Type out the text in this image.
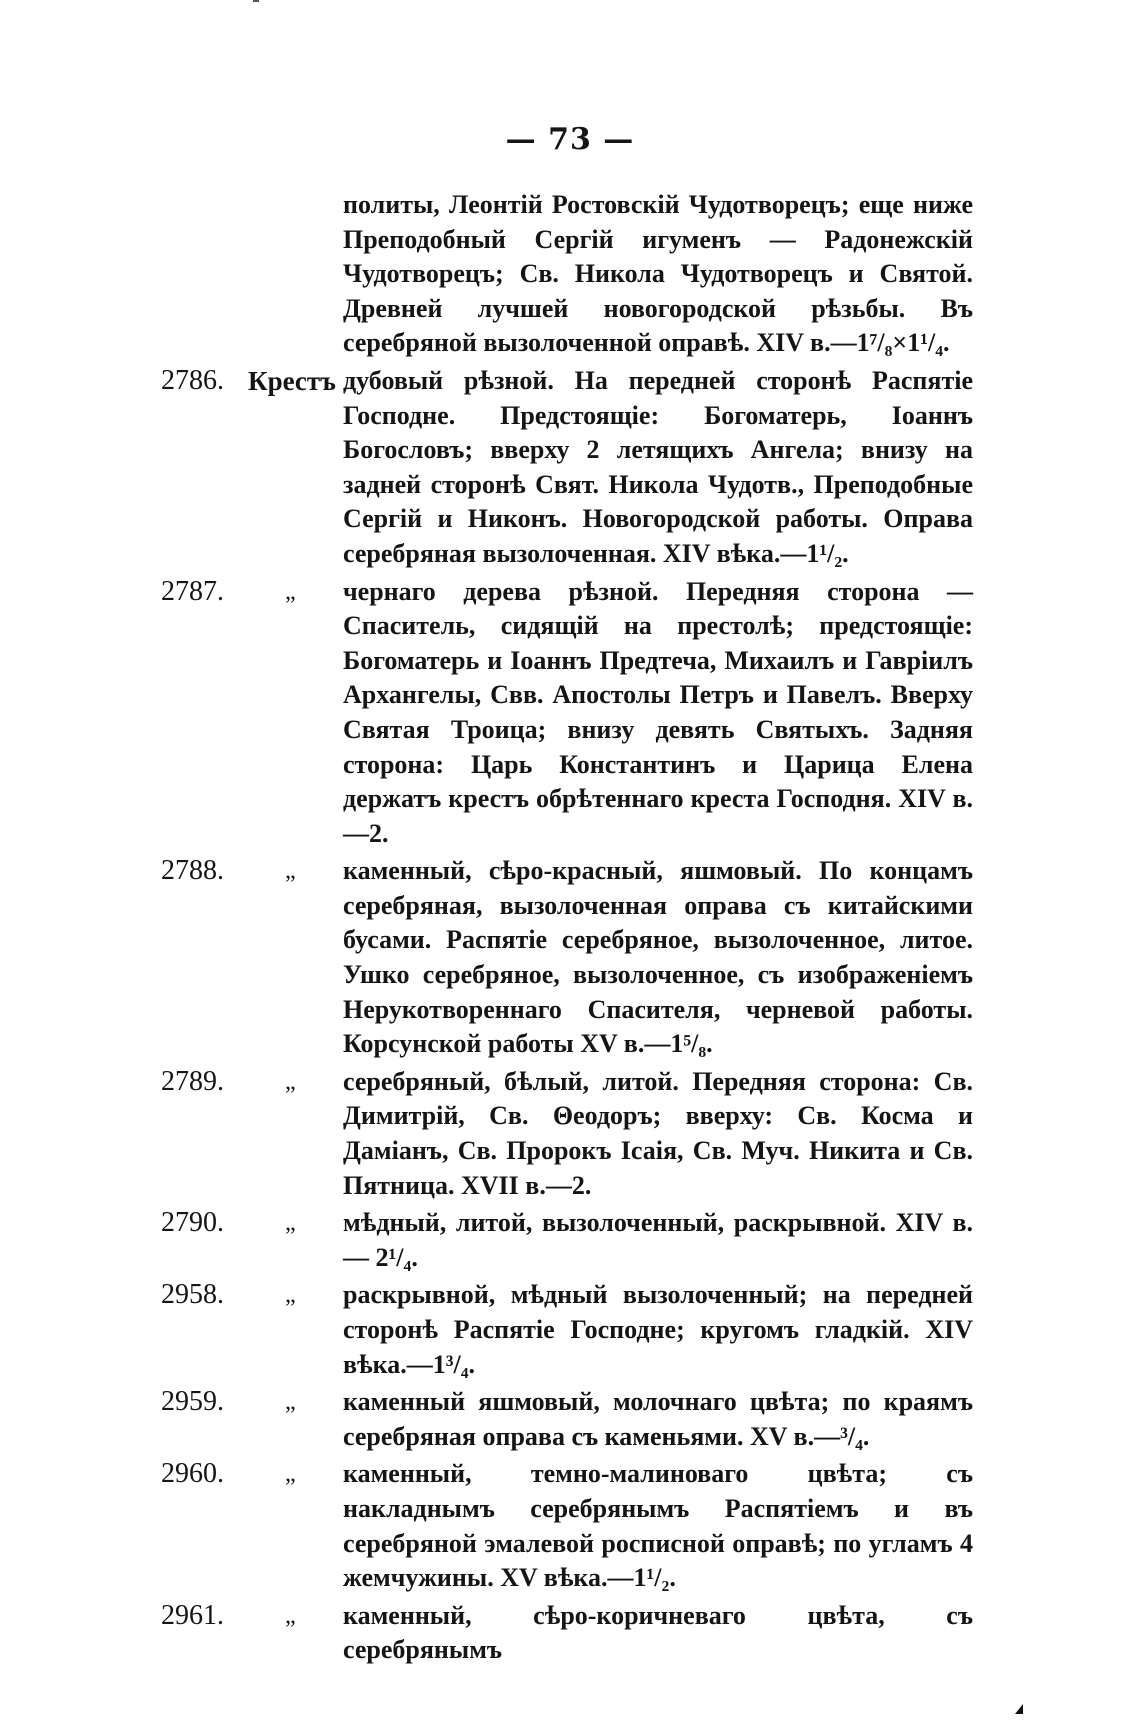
— 73 —
политы, Леонтій Ростовскій Чудотворецъ; еще ниже Преподобный Сергій игуменъ — Радонежскій Чудотворецъ; Св. Никола Чудотворецъ и Святой. Древней лучшей новогородской рѣзьбы. Въ серебряной вызолоченной оправѣ. XIV в.—1⁷/₈×1¹/₄.
2786. Крестъ дубовый рѣзной. На передней сторонѣ Распятіе Господне. Предстоящіе: Богоматерь, Іоаннъ Богословъ; вверху 2 летящихъ Ангела; внизу на задней сторонѣ Свят. Никола Чудотв., Преподобные Сергій и Никонъ. Новогородской работы. Оправа серебряная вызолоченная. XIV вѣка.—1¹/₂.
2787.	„ чернаго дерева рѣзной. Передняя сторона — Спаситель, сидящій на престолѣ; предстоящіе: Богоматерь и Іоаннъ Предтеча, Михаилъ и Гавріилъ Архангелы, Свв. Апостолы Петръ и Павелъ. Вверху Святая Троица; внизу девять Святыхъ. Задняя сторона: Царь Константинъ и Царица Елена держатъ крестъ обрѣтеннаго креста Господня. XIV в.—2.
2788.	„ каменный, сѣро-красный, яшмовый. По концамъ серебряная, вызолоченная оправа съ китайскими бусами. Распятіе серебряное, вызолоченное, литое. Ушко серебряное, вызолоченное, съ изображеніемъ Нерукотвореннаго Спасителя, черневой работы. Корсунской работы XV в.—1⁵/₈.
2789.	„ серебряный, бѣлый, литой. Передняя сторона: Св. Димитрій, Св. Θеодоръ; вверху: Св. Косма и Даміанъ, Св. Пророкъ Ісаія, Св. Муч. Никита и Св. Пятница. XVII в.—2.
2790.	„ мѣдный, литой, вызолоченный, раскрывной. XIV в.— 2¹/₄.
2958.	„ раскрывной, мѣдный вызолоченный; на передней сторонѣ Распятіе Господне; кругомъ гладкій. XIV вѣка.—1³/₄.
2959.	„ каменный яшмовый, молочнаго цвѣта; по краямъ серебряная оправа съ каменьями. XV в.—³/₄.
2960.	„ каменный, темно-малиноваго цвѣта; съ накладнымъ серебрянымъ Распятіемъ и въ серебряной эмалевой росписной оправѣ; по угламъ 4 жемчужины. XV вѣка.—1¹/₂.
2961.	„ каменный, сѣро-коричневаго цвѣта, съ серебрянымъ
